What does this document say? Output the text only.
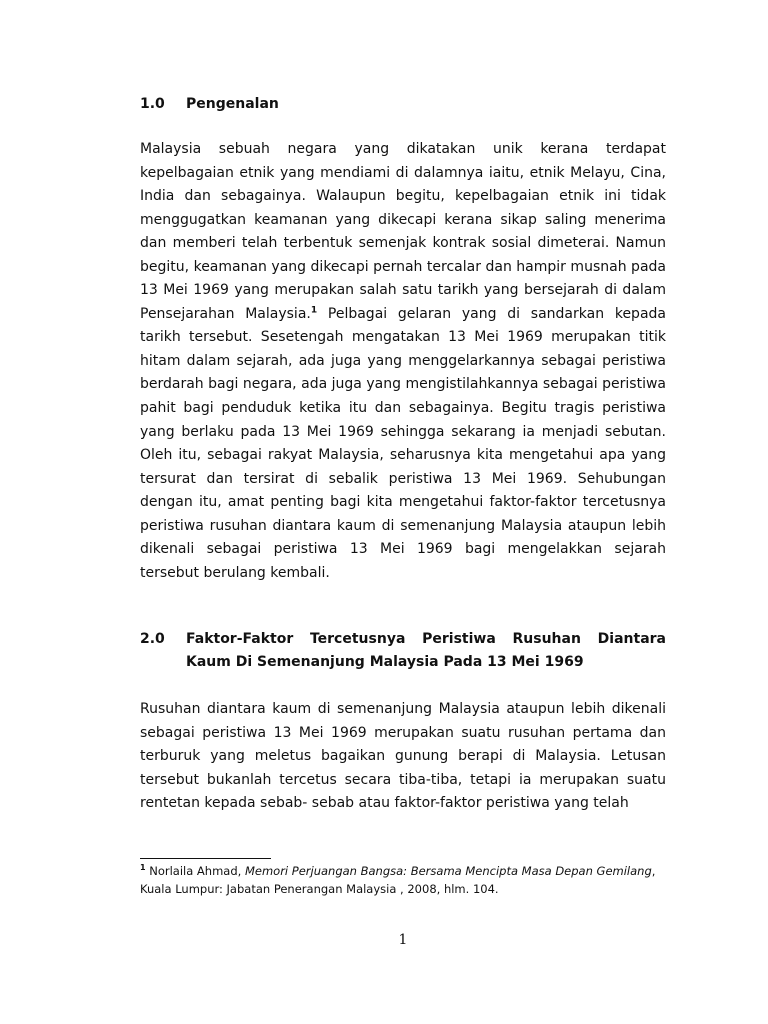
1.0 Pengenalan

Malaysia sebuah negara yang dikatakan unik kerana terdapat kepelbagaian etnik yang mendiami di dalamnya iaitu, etnik Melayu, Cina, India dan sebagainya. Walaupun begitu, kepelbagaian etnik ini tidak menggugatkan keamanan yang dikecapi kerana sikap saling menerima dan memberi telah terbentuk semenjak kontrak sosial dimeterai. Namun begitu, keamanan yang dikecapi pernah tercalar dan hampir musnah pada 13 Mei 1969 yang merupakan salah satu tarikh yang bersejarah di dalam Pensejarahan Malaysia.$^1$ Pelbagai gelaran yang di sandarkan kepada tarikh tersebut. Sesetengah mengatakan 13 Mei 1969 merupakan titik hitam dalam sejarah, ada juga yang menggelarkannya sebagai peristiwa berdarah bagi negara, ada juga yang mengistilahkannya sebagai peristiwa pahit bagi penduduk ketika itu dan sebagainya. Begitu tragis peristiwa yang berlaku pada 13 Mei 1969 sehingga sekarang ia menjadi sebutan. Oleh itu, sebagai rakyat Malaysia, seharusnya kita mengetahui apa yang tersurat dan tersirat di sebalik peristiwa 13 Mei 1969. Sehubungan dengan itu, amat penting bagi kita mengetahui faktor-faktor tercetusnya peristiwa rusuhan diantara kaum di semenanjung Malaysia ataupun lebih dikenali sebagai peristiwa 13 Mei 1969 bagi mengelakkan sejarah tersebut berulang kembali.

2.0 Faktor-Faktor Tercetusnya Peristiwa Rusuhan Diantara Kaum Di Semenanjung Malaysia Pada 13 Mei 1969

Rusuhan diantara kaum di semenanjung Malaysia ataupun lebih dikenali sebagai peristiwa 13 Mei 1969 merupakan suatu rusuhan pertama dan terburuk yang meletus bagaikan gunung berapi di Malaysia. Letusan tersebut bukanlah tercetus secara tiba-tiba, tetapi ia merupakan suatu rentetan kepada sebab- sebab atau faktor-faktor peristiwa yang telah

$^1$ Norlaila Ahmad, Memori Perjuangan Bangsa: Bersama Mencipta Masa Depan Gemilang, Kuala Lumpur: Jabatan Penerangan Malaysia , 2008, hlm. 104.

1
